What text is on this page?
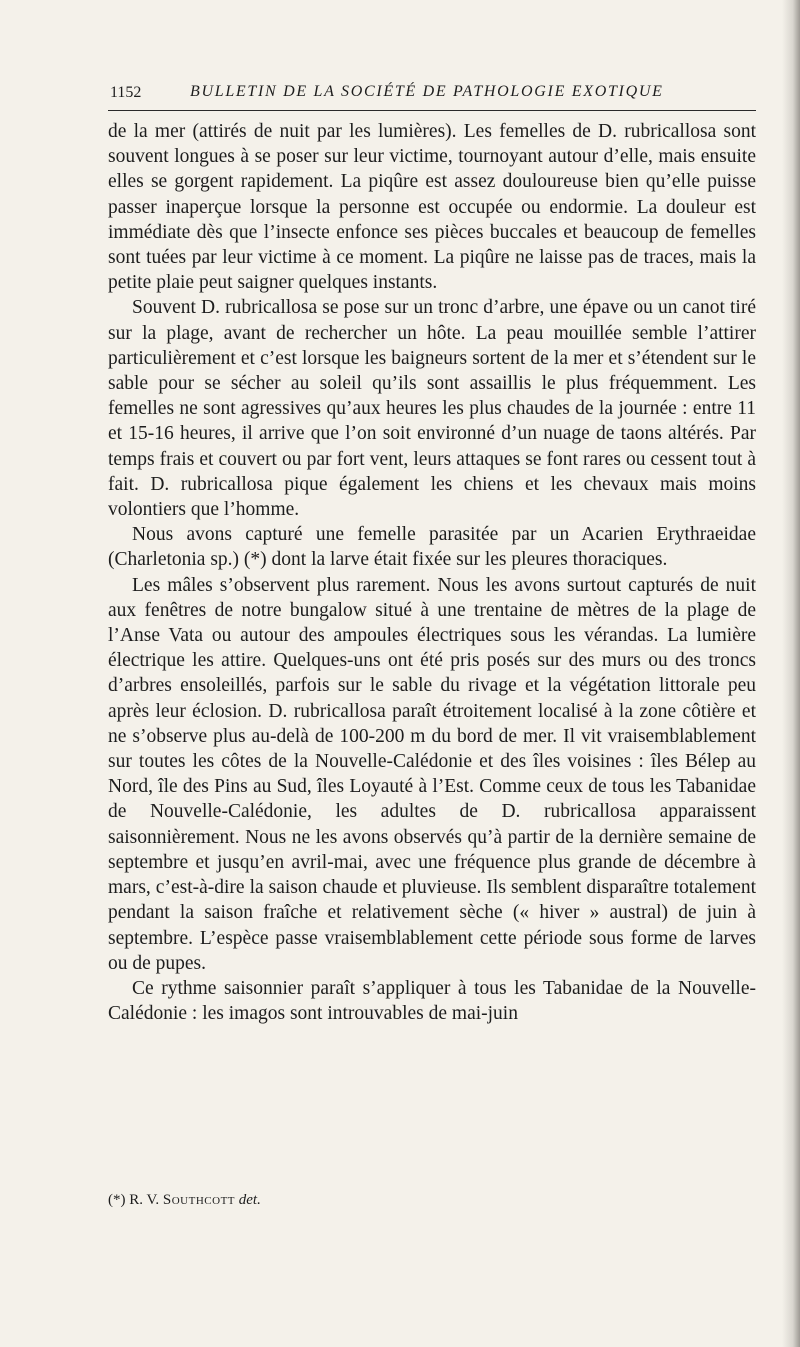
1152	BULLETIN DE LA SOCIÉTÉ DE PATHOLOGIE EXOTIQUE

de la mer (attirés de nuit par les lumières). Les femelles de D. rubricallosa sont souvent longues à se poser sur leur victime, tournoyant autour d’elle, mais ensuite elles se gorgent rapidement. La piqûre est assez douloureuse bien qu’elle puisse passer inaperçue lorsque la personne est occupée ou endormie. La douleur est immédiate dès que l’insecte enfonce ses pièces buccales et beaucoup de femelles sont tuées par leur victime à ce moment. La piqûre ne laisse pas de traces, mais la petite plaie peut saigner quelques instants.

Souvent D. rubricallosa se pose sur un tronc d’arbre, une épave ou un canot tiré sur la plage, avant de rechercher un hôte. La peau mouillée semble l’attirer particulièrement et c’est lorsque les baigneurs sortent de la mer et s’étendent sur le sable pour se sécher au soleil qu’ils sont assaillis le plus fréquemment. Les femelles ne sont agressives qu’aux heures les plus chaudes de la journée : entre 11 et 15-16 heures, il arrive que l’on soit environné d’un nuage de taons altérés. Par temps frais et couvert ou par fort vent, leurs attaques se font rares ou cessent tout à fait. D. rubricallosa pique également les chiens et les chevaux mais moins volontiers que l’homme.

Nous avons capturé une femelle parasitée par un Acarien Erythraeidae (Charletonia sp.) (*) dont la larve était fixée sur les pleures thoraciques.

Les mâles s’observent plus rarement. Nous les avons surtout capturés de nuit aux fenêtres de notre bungalow situé à une trentaine de mètres de la plage de l’Anse Vata ou autour des ampoules électriques sous les vérandas. La lumière électrique les attire. Quelques-uns ont été pris posés sur des murs ou des troncs d’arbres ensoleillés, parfois sur le sable du rivage et la végétation littorale peu après leur éclosion. D. rubricallosa paraît étroitement localisé à la zone côtière et ne s’observe plus au-delà de 100-200 m du bord de mer. Il vit vraisemblablement sur toutes les côtes de la Nouvelle-Calédonie et des îles voisines : îles Bélep au Nord, île des Pins au Sud, îles Loyauté à l’Est. Comme ceux de tous les Tabanidae de Nouvelle-Calédonie, les adultes de D. rubricallosa apparaissent saisonnièrement. Nous ne les avons observés qu’à partir de la dernière semaine de septembre et jusqu’en avril-mai, avec une fréquence plus grande de décembre à mars, c’est-à-dire la saison chaude et pluvieuse. Ils semblent disparaître totalement pendant la saison fraîche et relativement sèche (« hiver » austral) de juin à septembre. L’espèce passe vraisemblablement cette période sous forme de larves ou de pupes.

Ce rythme saisonnier paraît s’appliquer à tous les Tabanidae de la Nouvelle-Calédonie : les imagos sont introuvables de mai-juin

(*) R. V. Southcott det.
